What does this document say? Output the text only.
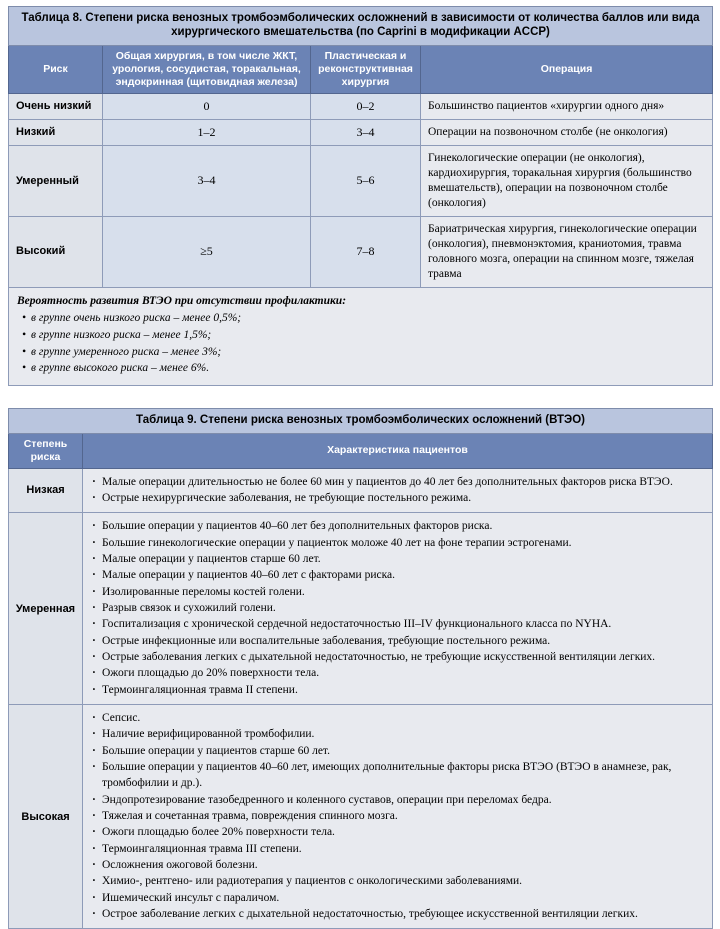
Таблица 8. Степени риска венозных тромбоэмболических осложнений в зависимости от количества баллов или вида хирургического вмешательства (по Caprini в модификации ACCP)			
Риск	Общая хирургия, в том числе ЖКТ, урология, сосудистая, торакальная, эндокринная (щитовидная железа)	Пластическая и реконструктивная хирургия	Операция
Очень низкий	0	0–2	Большинство пациентов «хирургии одного дня»
Низкий	1–2	3–4	Операции на позвоночном столбе (не онкология)
Умеренный	3–4	5–6	Гинекологические операции (не онкология), кардиохирургия, торакальная хирургия (большинство вмешательств), операции на позвоночном столбе (онкология)
Высокий	≥5	7–8	Бариатрическая хирургия, гинекологические операции (онкология), пневмонэктомия, краниотомия, травма головного мозга, операции на спинном мозге, тяжелая травма

Вероятность развития ВТЭО при отсутствии профилактики:
• в группе очень низкого риска – менее 0,5%;
• в группе низкого риска – менее 1,5%;
• в группе умеренного риска – менее 3%;
• в группе высокого риска – менее 6%.
Таблица 9. Степени риска венозных тромбоэмболических осложнений (ВТЭО)	
Степень риска	Характеристика пациентов
Низкая	
· Малые операции длительностью не более 60 мин у пациентов до 40 лет без дополнительных факторов риска ВТЭО.
· Острые нехирургические заболевания, не требующие постельного режима.

Умеренная	
· Большие операции у пациентов 40–60 лет без дополнительных факторов риска.
· Большие гинекологические операции у пациенток моложе 40 лет на фоне терапии эстрогенами.
· Малые операции у пациентов старше 60 лет.
· Малые операции у пациентов 40–60 лет с факторами риска.
· Изолированные переломы костей голени.
· Разрыв связок и сухожилий голени.
· Госпитализация с хронической сердечной недостаточностью III–IV функционального класса по NYHA.
· Острые инфекционные или воспалительные заболевания, требующие постельного режима.
· Острые заболевания легких с дыхательной недостаточностью, не требующие искусственной вентиляции легких.
· Ожоги площадью до 20% поверхности тела.
· Термоингаляционная травма II степени.

Высокая	
· Сепсис.
· Наличие верифицированной тромбофилии.
· Большие операции у пациентов старше 60 лет.
· Большие операции у пациентов 40–60 лет, имеющих дополнительные факторы риска ВТЭО (ВТЭО в анамнезе, рак, тромбофилии и др.).
· Эндопротезирование тазобедренного и коленного суставов, операции при переломах бедра.
· Тяжелая и сочетанная травма, повреждения спинного мозга.
· Ожоги площадью более 20% поверхности тела.
· Термоингаляционная травма III степени.
· Осложнения ожоговой болезни.
· Химио-, рентгено- или радиотерапия у пациентов с онкологическими заболеваниями.
· Ишемический инсульт с параличом.
· Острое заболевание легких с дыхательной недостаточностью, требующее искусственной вентиляции легких.
